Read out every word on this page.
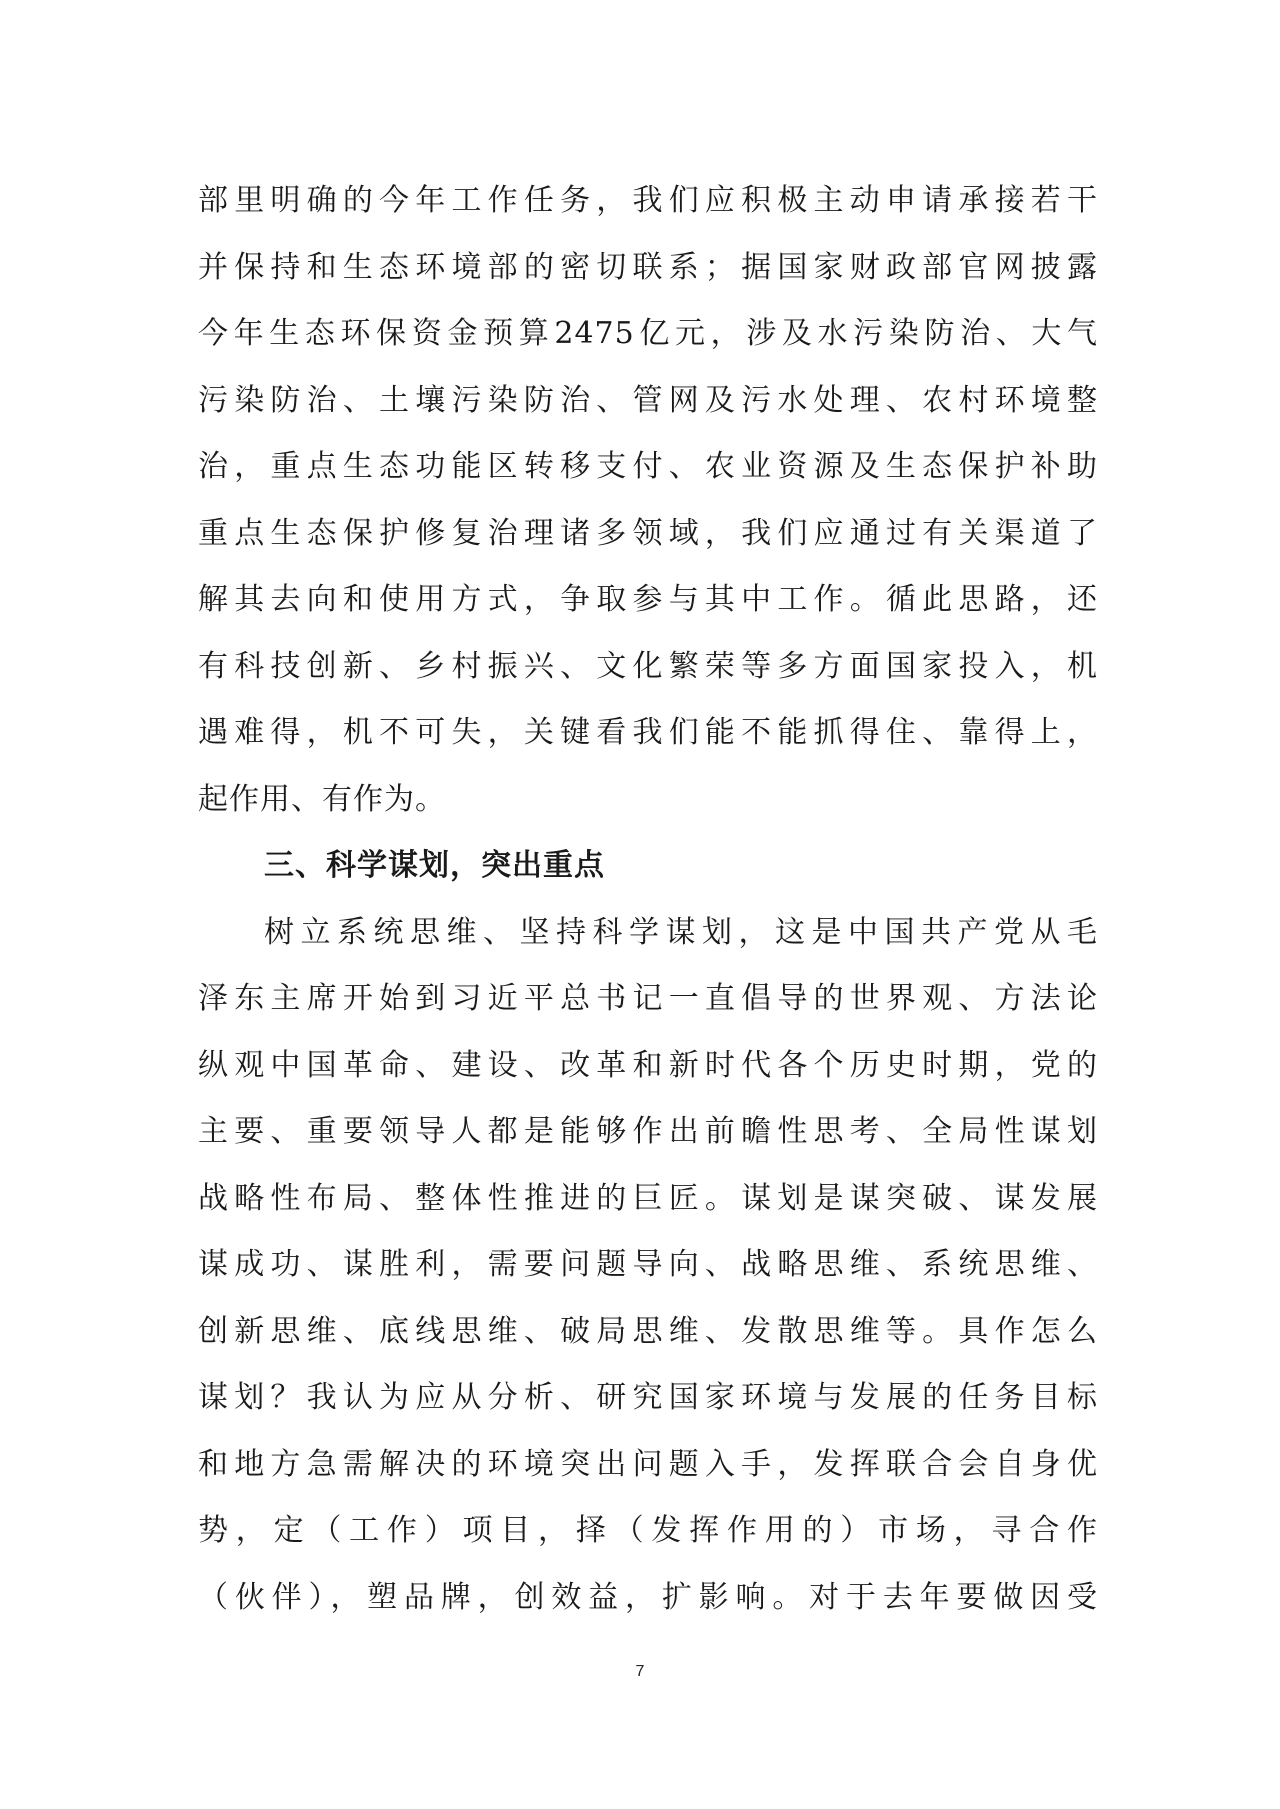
部里明确的今年工作任务，我们应积极主动申请承接若干
并保持和生态环境部的密切联系；据国家财政部官网披露
今年生态环保资金预算2475亿元，涉及水污染防治、大气
污染防治、土壤污染防治、管网及污水处理、农村环境整
治，重点生态功能区转移支付、农业资源及生态保护补助
重点生态保护修复治理诸多领域，我们应通过有关渠道了
解其去向和使用方式，争取参与其中工作。循此思路，还
有科技创新、乡村振兴、文化繁荣等多方面国家投入，机
遇难得，机不可失，关键看我们能不能抓得住、靠得上，
起作用、有作为。
三、科学谋划，突出重点
树立系统思维、坚持科学谋划，这是中国共产党从毛
泽东主席开始到习近平总书记一直倡导的世界观、方法论
纵观中国革命、建设、改革和新时代各个历史时期，党的
主要、重要领导人都是能够作出前瞻性思考、全局性谋划
战略性布局、整体性推进的巨匠。谋划是谋突破、谋发展
谋成功、谋胜利，需要问题导向、战略思维、系统思维、
创新思维、底线思维、破局思维、发散思维等。具作怎么
谋划？我认为应从分析、研究国家环境与发展的任务目标
和地方急需解决的环境突出问题入手，发挥联合会自身优
势，定（工作）项目，择（发挥作用的）市场，寻合作
（伙伴），塑品牌，创效益，扩影响。对于去年要做因受
7
